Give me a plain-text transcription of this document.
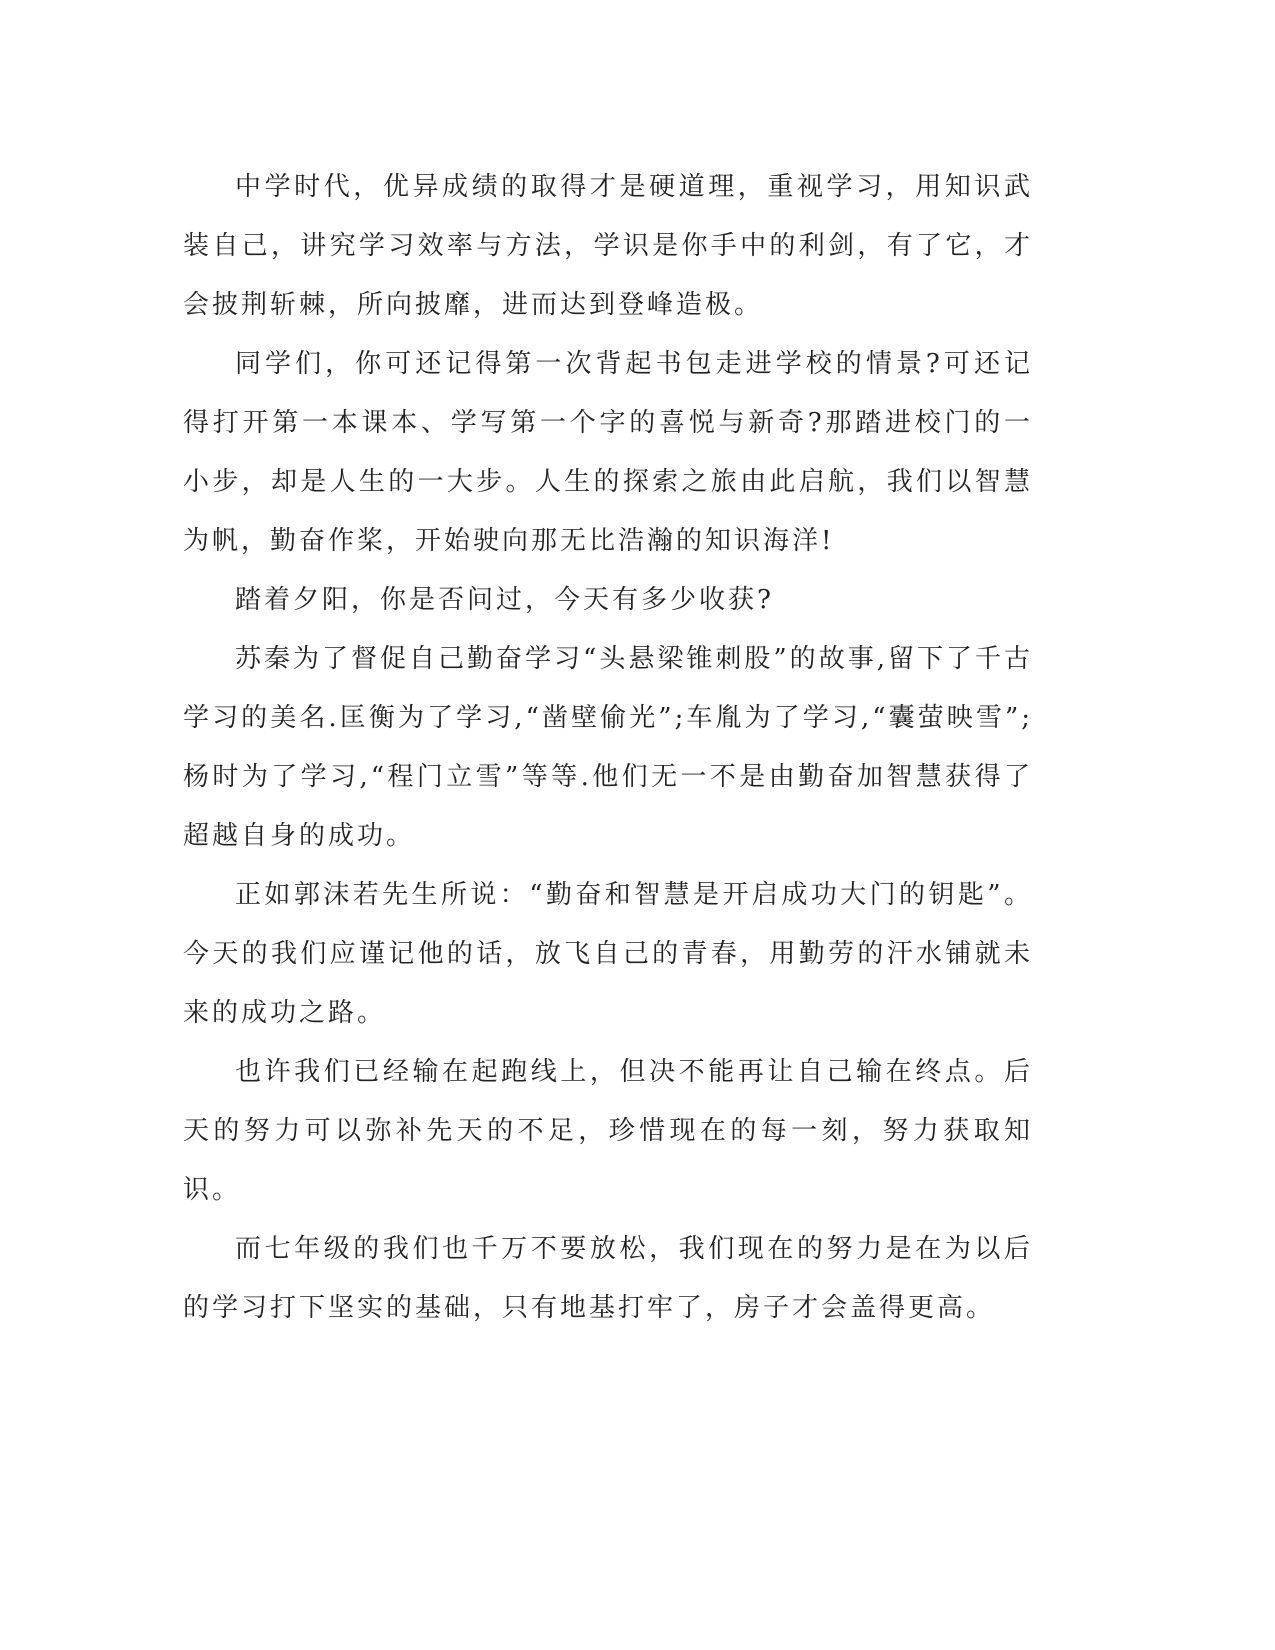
中学时代，优异成绩的取得才是硬道理，重视学习，用知识武装自己，讲究学习效率与方法，学识是你手中的利剑，有了它，才会披荆斩棘，所向披靡，进而达到登峰造极。

同学们，你可还记得第一次背起书包走进学校的情景?可还记得打开第一本课本、学写第一个字的喜悦与新奇?那踏进校门的一小步，却是人生的一大步。人生的探索之旅由此启航，我们以智慧为帆，勤奋作桨，开始驶向那无比浩瀚的知识海洋!

踏着夕阳，你是否问过，今天有多少收获?

苏秦为了督促自己勤奋学习“头悬梁锥刺股”的故事,留下了千古学习的美名.匡衡为了学习,“凿壁偷光”;车胤为了学习,“囊萤映雪”;杨时为了学习,“程门立雪”等等.他们无一不是由勤奋加智慧获得了超越自身的成功。

正如郭沫若先生所说：“勤奋和智慧是开启成功大门的钥匙”。今天的我们应谨记他的话，放飞自己的青春，用勤劳的汗水铺就未来的成功之路。

也许我们已经输在起跑线上，但决不能再让自己输在终点。后天的努力可以弥补先天的不足，珍惜现在的每一刻，努力获取知识。

而七年级的我们也千万不要放松，我们现在的努力是在为以后的学习打下坚实的基础，只有地基打牢了，房子才会盖得更高。
